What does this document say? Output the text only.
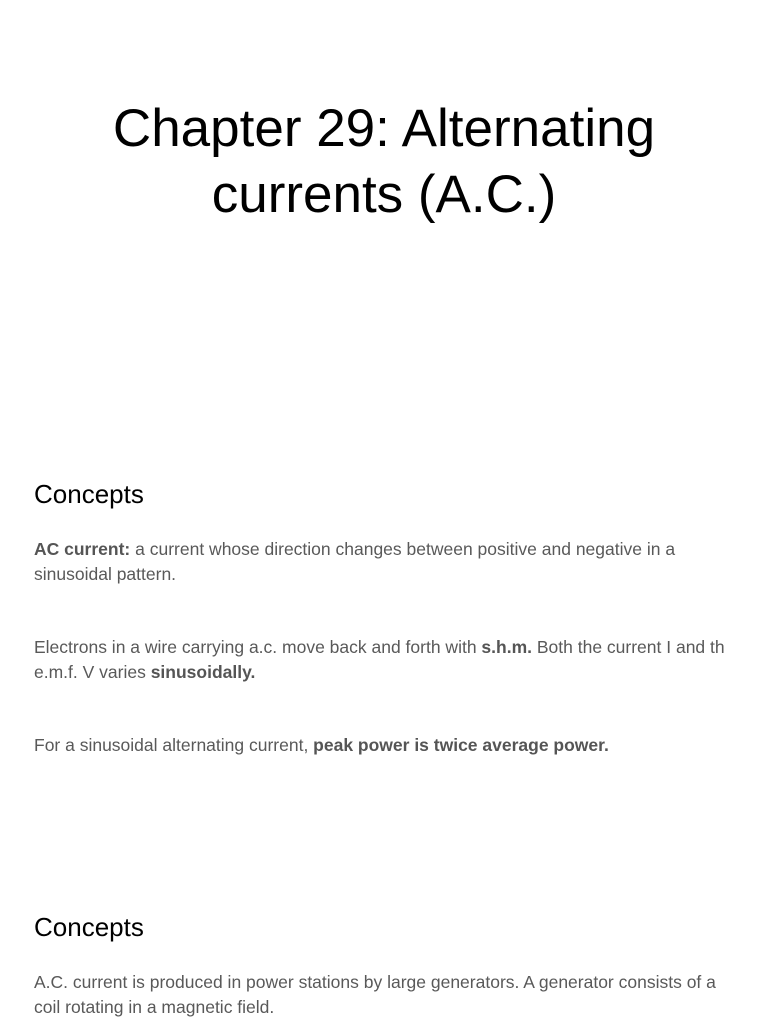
Chapter 29: Alternating
currents (A.C.)
Concepts

AC current: a current whose direction changes between positive and negative in a sinusoidal pattern.

Electrons in a wire carrying a.c. move back and forth with s.h.m. Both the current I and th e.m.f. V varies sinusoidally.

For a sinusoidal alternating current, peak power is twice average power.

Concepts

A.C. current is produced in power stations by large generators. A generator consists of a coil rotating in a magnetic field.
